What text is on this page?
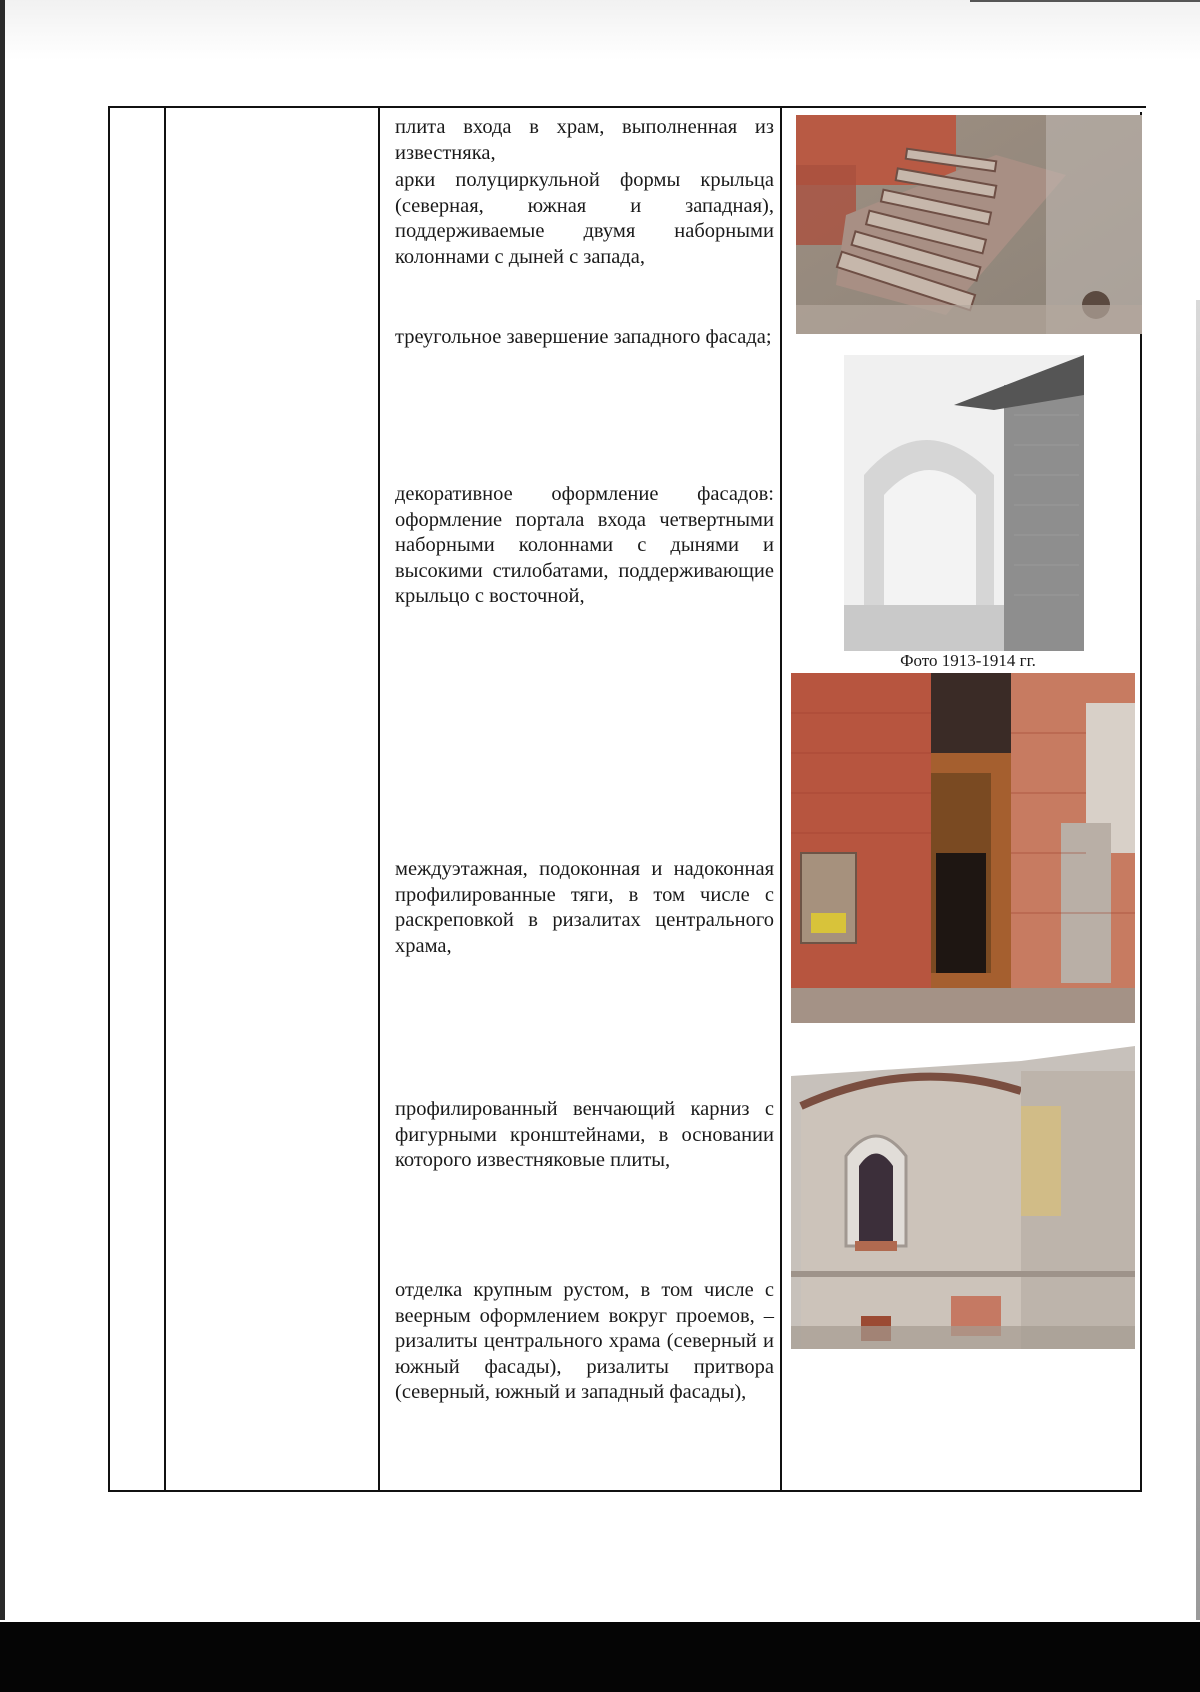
плита входа в храм, выполненная из известняка,

арки полуциркульной формы крыльца (северная, южная и западная), поддерживаемые двумя наборными колоннами с дыней с запада,

треугольное завершение западного фасада;

декоративное оформление фасадов: оформление портала входа четвертными наборными колоннами с дынями и высокими стилобатами, поддерживающие крыльцо с восточной,

междуэтажная, подоконная и надоконная профилированные тяги, в том числе с раскреповкой в ризалитах центрального храма,

профилированный венчающий карниз с фигурными кронштейнами, в основании которого известняковые плиты,

отделка крупным рустом, в том числе с веерным оформлением вокруг проемов, – ризалиты центрального храма (северный и южный фасады), ризалиты притвора (северный, южный и западный фасады),

Фото 1913-1914 гг.
